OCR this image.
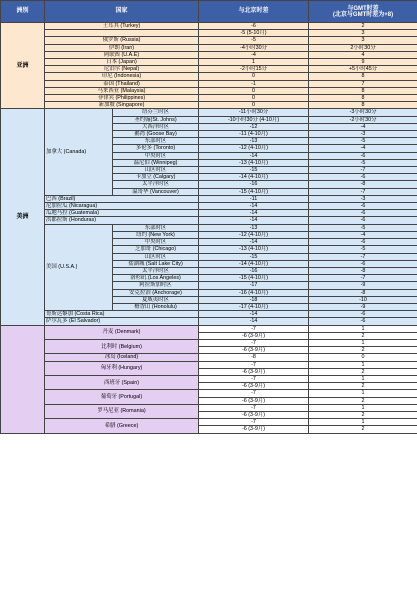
洲别	国家		与北京时差	与GMT时差
(北京与GMT时差为+8)
亚洲	土耳其 (Turkey)		-6	2
			-5 (5-10月)	3
	俄罗斯 (Russia)		-5	3
	伊朗 (Iran)		-4小时30分	2小时30分
	阿联酋 (U.A.E)		-4	4
	日本 (Japan)		1	9
	尼泊尔 (Nepal)		-2小时15分	+5小时45分
	印尼 (Indonesia)		0	8
	泰国 (Thailand)		-1	7
	马来西亚 (Malaysia)		0	8
	菲律宾 (Philippines)		0	8
	新加坡 (Singapore)		0	8
美洲	加拿大 (Canada)	纽芬兰时区	-11小时30分	-3小时30分
		圣约翰(St. Johns)	-10小时30分 (4-10月)	-2小时30分
		大西洋时区	-12	-4
		鹅湾 (Goose Bay)	-11 (4-10月)	-3
		东部时区	-13	-5
		多伦多 (Toronto)	-12 (4-10月)	-4
		中央时区	-14	-6
		温尼伯 (Winnipeg)	-13 (4-10月)	-5
		山区时区	-15	-7
		卡加立 (Calgary)	-14 (4-10月)	-6
		太平洋时区	-16	-8
		温哥华 (Vancouver)	-15 (4-10月)	-7
	巴西 (Brazil)		-11	-3
	尼加拉瓜 (Nicaragua)		-14	-6
	瓜地马拉 (Guatemala)		-14	-6
	洪都拉斯 (Honduras)		-14	-6
	美国 (U.S.A.)	东部时区	-13	-5
		纽约 (New York)	-12 (4-10月)	-4
		中央时区	-14	-6
		芝加哥 (Chicago)	-13 (4-10月)	-5
		山区时区	-15	-7
		盐湖城 (Salt Lake City)	-14 (4-10月)	-6
		太平洋时区	-16	-8
		洛杉矶 (Los Angeles)	-15 (4-10月)	-7
		阿拉斯加时区	-17	-9
		安克拉治 (Anchorage)	-16 (4-10月)	-8
		夏威夷时区	-18	-10
		檀香山 (Honolulu)	-17 (4-10月)	-9
	哥斯达黎加 (Costa Rica)		-14	-6
	萨尔瓦多 (El Salvador)		-14	-6
	丹麦 (Denmark)		-7	1
			-6 (3-9月)	2
	比利时 (Belgium)		-7	1
			-6 (3-9月)	2
	冰岛 (Iceland)		-8	0
	匈牙利 (Hungary)		-7	1
			-6 (3-9月)	2
	西班牙 (Spain)		-7	1
			-6 (3-9月)	2
	葡萄牙 (Portugal)		-7	1
			-6 (3-9月)	2
	罗马尼亚 (Romania)		-7	1
			-6 (3-9月)	2
	希腊 (Greece)		-7	1
			-6 (3-9月)	2
